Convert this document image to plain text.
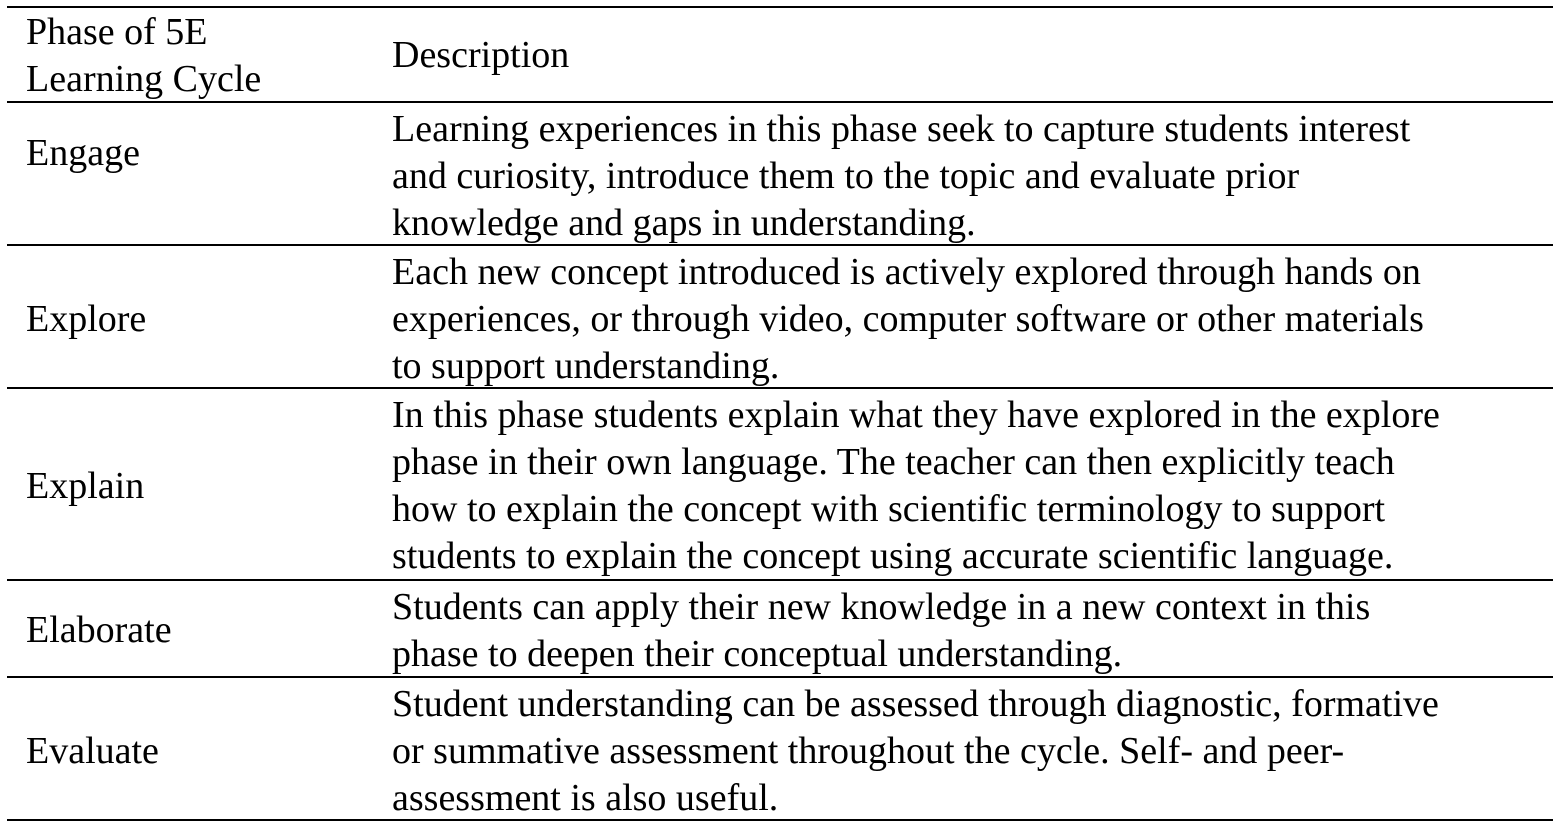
Phase of 5E
Learning Cycle
Description
Engage
Learning experiences in this phase seek to capture students interest
and curiosity, introduce them to the topic and evaluate prior
knowledge and gaps in understanding.
Explore
Each new concept introduced is actively explored through hands on
experiences, or through video, computer software or other materials
to support understanding.
Explain
In this phase students explain what they have explored in the explore
phase in their own language. The teacher can then explicitly teach
how to explain the concept with scientific terminology to support
students to explain the concept using accurate scientific language.
Elaborate
Students can apply their new knowledge in a new context in this
phase to deepen their conceptual understanding.
Evaluate
Student understanding can be assessed through diagnostic, formative
or summative assessment throughout the cycle. Self- and peer-
assessment is also useful.
